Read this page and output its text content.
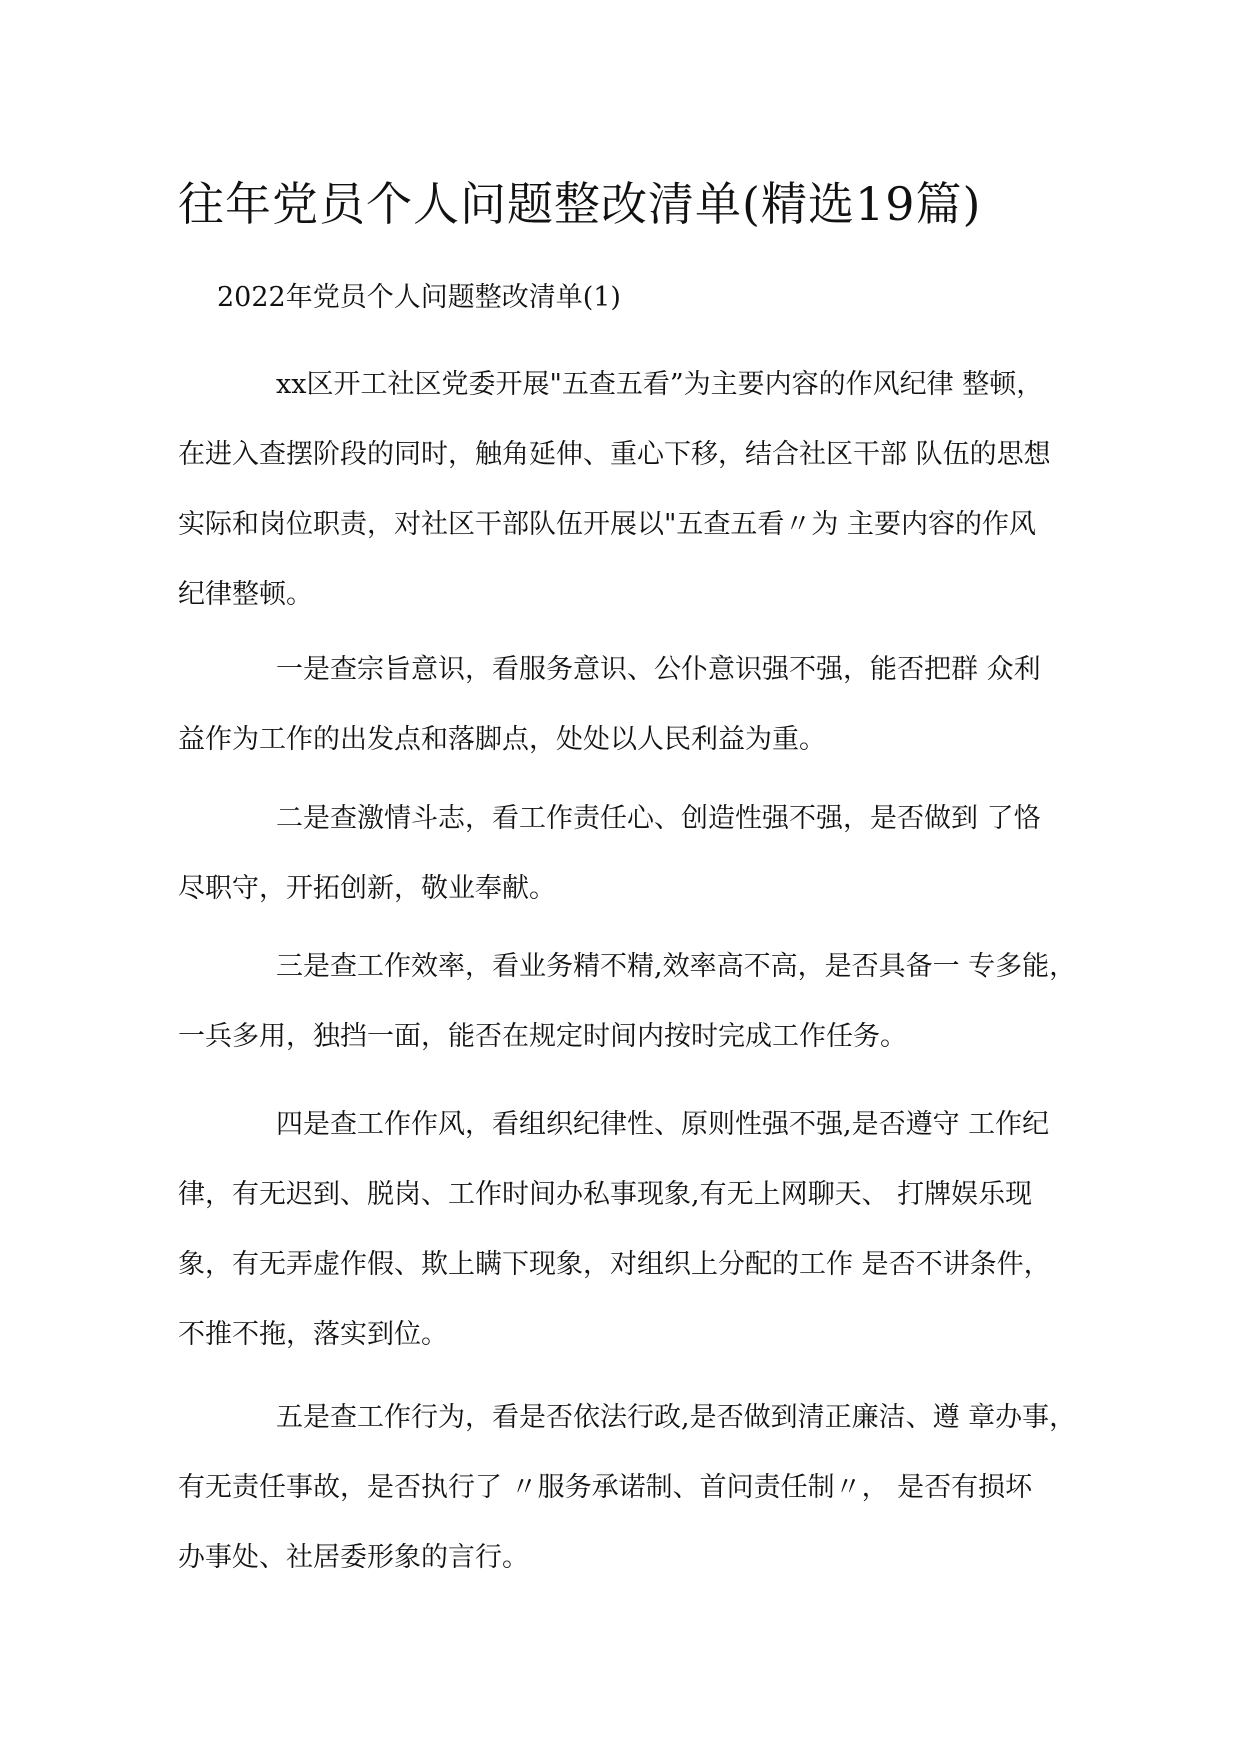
往年党员个人问题整改清单(精选19篇)
2022年党员个人问题整改清单(1)
xx区开工社区党委开展"五查五看”为主要内容的作风纪律 整顿，
在进入查摆阶段的同时，触角延伸、重心下移，结合社区干部 队伍的思想
实际和岗位职责，对社区干部队伍开展以"五查五看〃为 主要内容的作风
纪律整顿。
一是查宗旨意识，看服务意识、公仆意识强不强，能否把群 众利
益作为工作的出发点和落脚点，处处以人民利益为重。
二是查激情斗志，看工作责任心、创造性强不强，是否做到 了恪
尽职守，开拓创新，敬业奉献。
三是查工作效率，看业务精不精,效率高不高，是否具备一 专多能，
一兵多用，独挡一面，能否在规定时间内按时完成工作任务。
四是查工作作风，看组织纪律性、原则性强不强,是否遵守 工作纪
律，有无迟到、脱岗、工作时间办私事现象,有无上网聊天、 打牌娱乐现
象，有无弄虚作假、欺上瞒下现象，对组织上分配的工作 是否不讲条件，
不推不拖，落实到位。
五是查工作行为，看是否依法行政,是否做到清正廉洁、遵 章办事，
有无责任事故，是否执行了 〃服务承诺制、首问责任制〃， 是否有损坏
办事处、社居委形象的言行。
